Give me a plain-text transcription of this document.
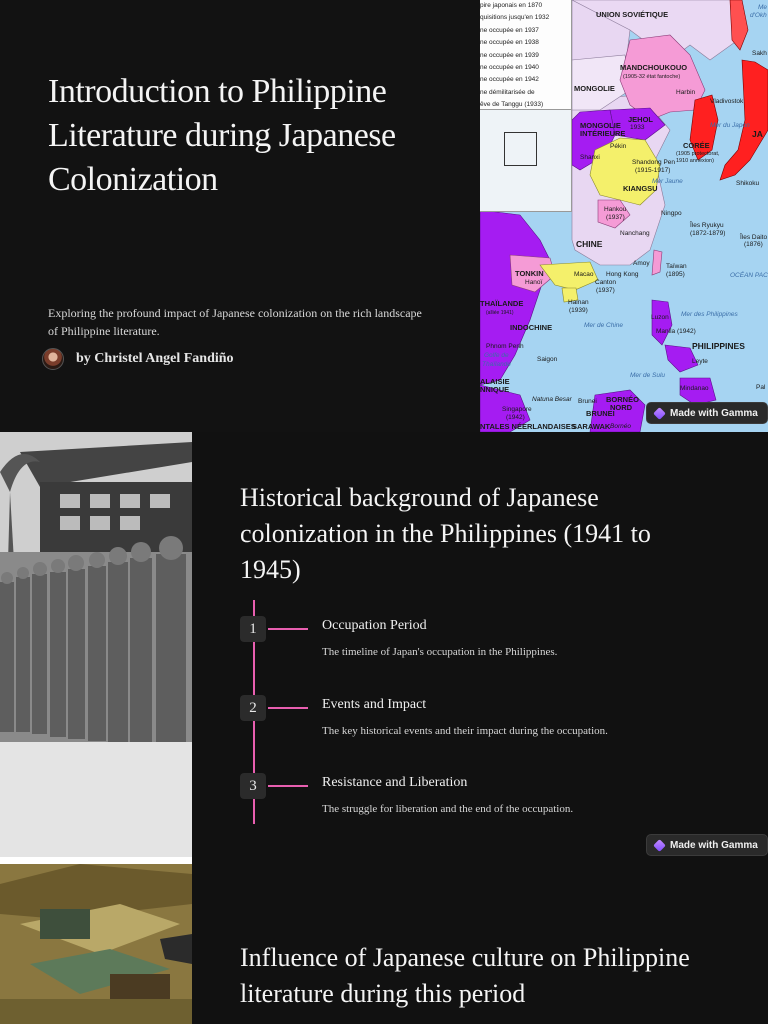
Introduction to Philippine Literature during Japanese Colonization

Exploring the profound impact of Japanese colonization on the rich landscape of Philippine literature.

by Christel Angel Fandiño
pire japonais en 1870
quisitions jusqu'en 1932
ne occupée en 1937
ne occupée en 1938
ne occupée en 1939
ne occupée en 1940
ne occupée en 1942
ne démilitarisée de
êve de Tanggu (1933)
UNION SOVIÉTIQUE
MANDCHOUKOUO
(1905-32 état fantoche)
MONGOLIE	Harbin
Vladivostok
JEHOL
1933	Mer du Japon
MONGOLIE
INTÉRIEURE
Pékin	CORÉE
(1905 protectorat,
1910 annexion)
Shanxi
Shandong Pen
(1915-1917)
Mer Jaune	Shikoku
KIANGSU
Hankou
(1937)
Ningpo
Nanchang
Îles Ryukyu
(1872-1879)
Îles Daito
(1876)
CHINE
Amoy	Taïwan
(1895)	OCÉAN PAC
TONKIN
Hanoï
Macao Hong Kong
Canton
(1937)
THAÏLANDE
(alliée 1941)
Hainan
(1939)
INDOCHINE	Mer de Chine
Luzon Mer des Philippines
Manila (1942)
Phnom Penh
Golfe de
Thaïlande
Saigon
PHILIPPINES
Leyte
Mer de Sulu
Mindanao
ALAISIE
NNIQUE
Natuna Besar Brunei BORNÉO
NORD
BRUNEI
Singapore
(1942)
NTALES NÉERLANDAISES
SARAWAK Bornéo
JA
Sakh
Me
d'Okh
Pal
Made with Gamma
Historical background of Japanese colonization in the Philippines (1941 to 1945)
1	Occupation Period
The timeline of Japan's occupation in the Philippines.
2	Events and Impact
The key historical events and their impact during the occupation.
3	Resistance and Liberation
The struggle for liberation and the end of the occupation.
Made with Gamma
Influence of Japanese culture on Philippine literature during this period
